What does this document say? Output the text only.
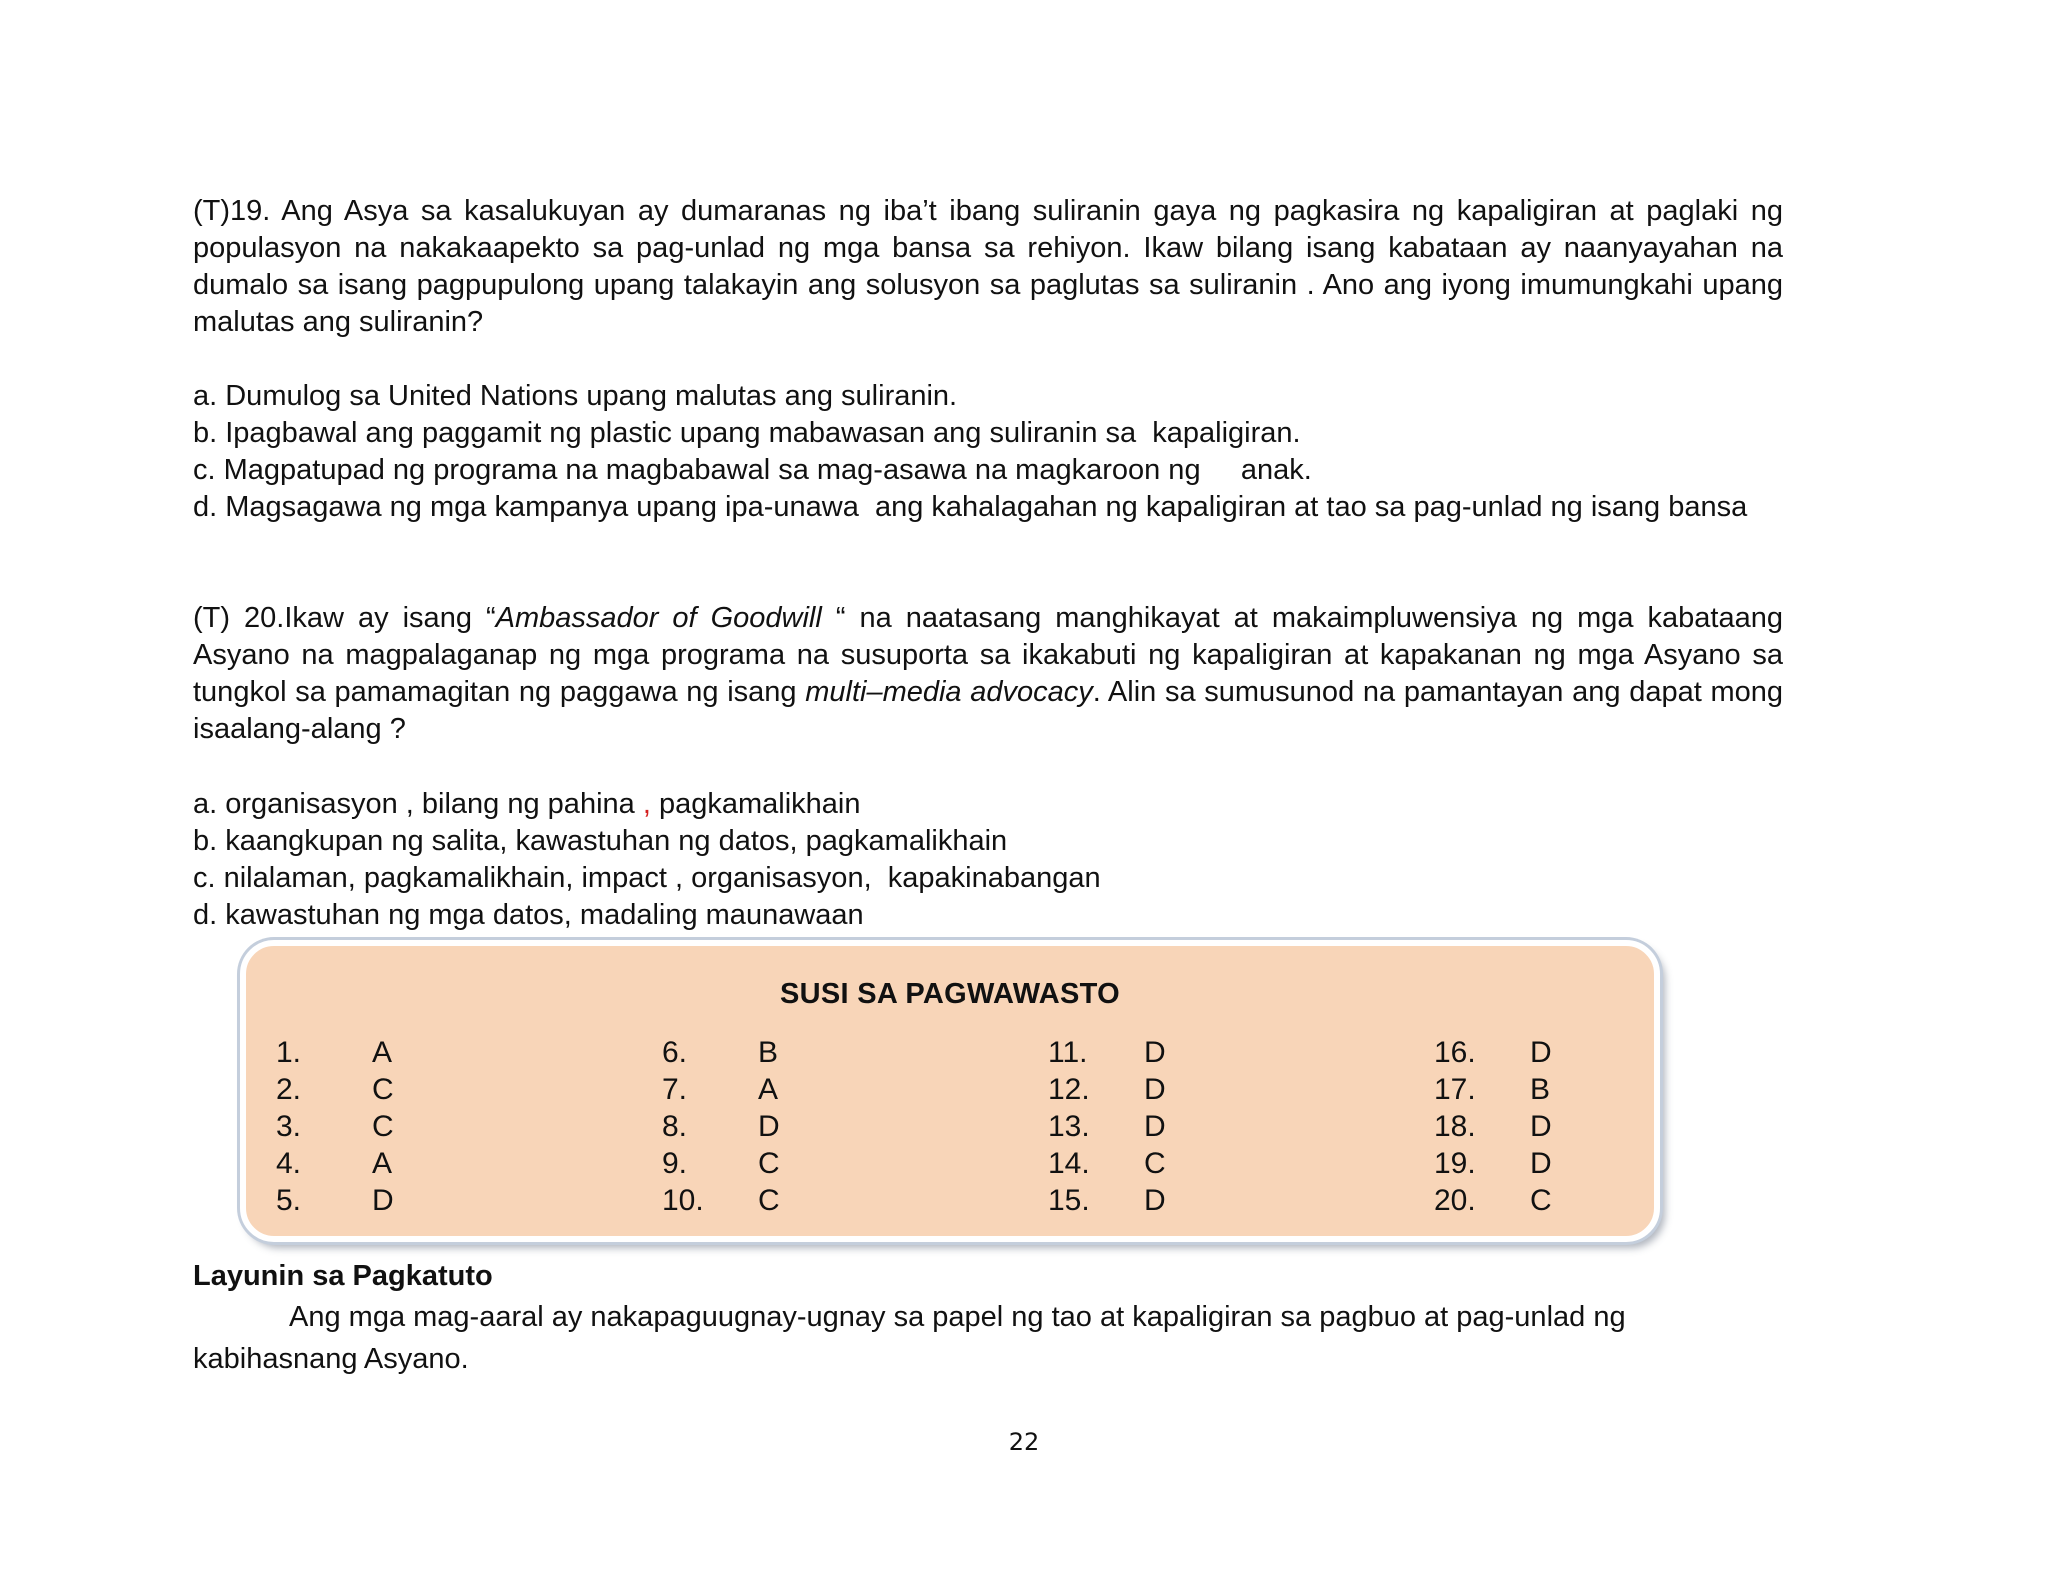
(T)19. Ang Asya sa kasalukuyan ay dumaranas ng iba’t ibang suliranin gaya ng pagkasira ng kapaligiran at paglaki ng populasyon na nakakaapekto sa pag-unlad ng mga bansa sa rehiyon. Ikaw bilang isang kabataan ay naanyayahan na dumalo sa isang pagpupulong upang talakayin ang solusyon sa paglutas sa suliranin . Ano ang iyong imumungkahi upang malutas ang suliranin?

a. Dumulog sa United Nations upang malutas ang suliranin.

b. Ipagbawal ang paggamit ng plastic upang mabawasan ang suliranin sa  kapaligiran.

c. Magpatupad ng programa na magbabawal sa mag-asawa na magkaroon ng     anak.

d. Magsagawa ng mga kampanya upang ipa-unawa  ang kahalagahan ng kapaligiran at tao sa pag-unlad ng isang bansa

(T) 20.Ikaw ay isang “Ambassador of Goodwill “ na naatasang manghikayat at makaimpluwensiya ng mga kabataang Asyano na magpalaganap ng mga programa na susuporta sa ikakabuti ng kapaligiran at kapakanan ng mga Asyano sa tungkol sa pamamagitan ng paggawa ng isang multi–media advocacy. Alin sa sumusunod na pamantayan ang dapat mong isaalang-alang ?

a. organisasyon , bilang ng pahina , pagkamalikhain

b. kaangkupan ng salita, kawastuhan ng datos, pagkamalikhain

c. nilalaman, pagkamalikhain, impact , organisasyon,  kapakinabangan

d. kawastuhan ng mga datos, madaling maunawaan

SUSI SA PAGWAWASTO
1. A
2. C
3. C
4. A
5. D
6. B
7. A
8. D
9. C
10. C
11. D
12. D
13. D
14. C
15. D
16. D
17. B
18. D
19. D
20. C
Layunin sa Pagkatuto

Ang mga mag-aaral ay nakapaguugnay-ugnay sa papel ng tao at kapaligiran sa pagbuo at pag-unlad ng kabihasnang Asyano.

22
